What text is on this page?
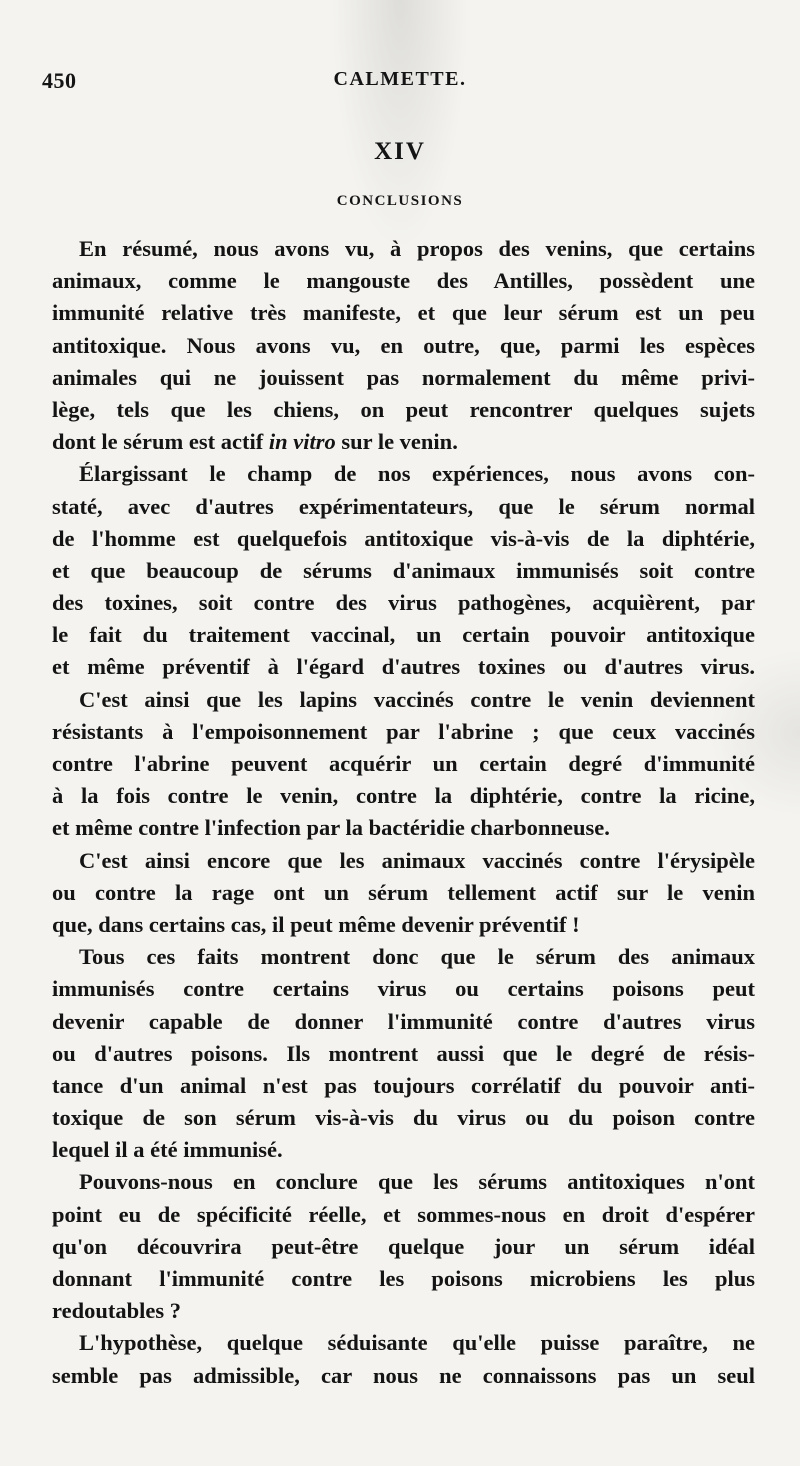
450	CALMETTE.
XIV
CONCLUSIONS
En résumé, nous avons vu, à propos des venins, que certains
animaux, comme le mangouste des Antilles, possèdent une
immunité relative très manifeste, et que leur sérum est un peu
antitoxique. Nous avons vu, en outre, que, parmi les espèces
animales qui ne jouissent pas normalement du même privi-
lège, tels que les chiens, on peut rencontrer quelques sujets
dont le sérum est actif in vitro sur le venin.
Élargissant le champ de nos expériences, nous avons con-
staté, avec d'autres expérimentateurs, que le sérum normal
de l'homme est quelquefois antitoxique vis-à-vis de la diphtérie,
et que beaucoup de sérums d'animaux immunisés soit contre
des toxines, soit contre des virus pathogènes, acquièrent, par
le fait du traitement vaccinal, un certain pouvoir antitoxique
et même préventif à l'égard d'autres toxines ou d'autres virus.
C'est ainsi que les lapins vaccinés contre le venin deviennent
résistants à l'empoisonnement par l'abrine ; que ceux vaccinés
contre l'abrine peuvent acquérir un certain degré d'immunité
à la fois contre le venin, contre la diphtérie, contre la ricine,
et même contre l'infection par la bactéridie charbonneuse.
C'est ainsi encore que les animaux vaccinés contre l'érysipèle
ou contre la rage ont un sérum tellement actif sur le venin
que, dans certains cas, il peut même devenir préventif !
Tous ces faits montrent donc que le sérum des animaux
immunisés contre certains virus ou certains poisons peut
devenir capable de donner l'immunité contre d'autres virus
ou d'autres poisons. Ils montrent aussi que le degré de résis-
tance d'un animal n'est pas toujours corrélatif du pouvoir anti-
toxique de son sérum vis-à-vis du virus ou du poison contre
lequel il a été immunisé.
Pouvons-nous en conclure que les sérums antitoxiques n'ont
point eu de spécificité réelle, et sommes-nous en droit d'espérer
qu'on découvrira peut-être quelque jour un sérum idéal
donnant l'immunité contre les poisons microbiens les plus
redoutables ?
L'hypothèse, quelque séduisante qu'elle puisse paraître, ne
semble pas admissible, car nous ne connaissons pas un seul
